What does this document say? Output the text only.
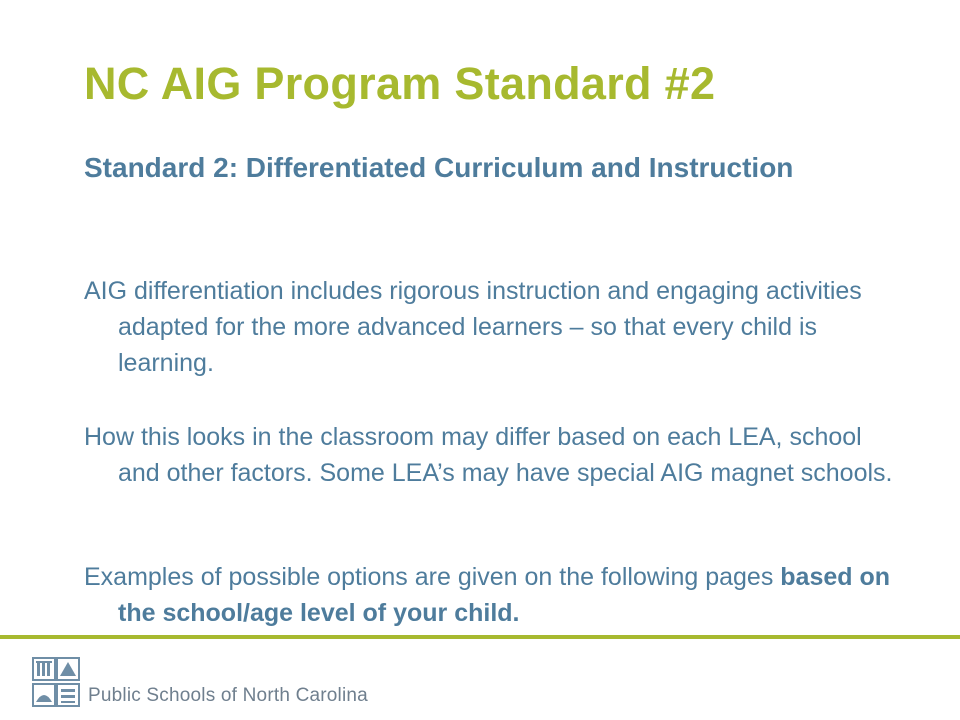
NC AIG Program Standard #2

Standard 2: Differentiated Curriculum and Instruction

AIG differentiation includes rigorous instruction and engaging activities adapted for the more advanced learners – so that every child is learning.

How this looks in the classroom may differ based on each LEA, school and other factors. Some LEA’s may have special AIG magnet schools.

Examples of possible options are given on the following pages based on the school/age level of your child.

Public Schools of North Carolina
